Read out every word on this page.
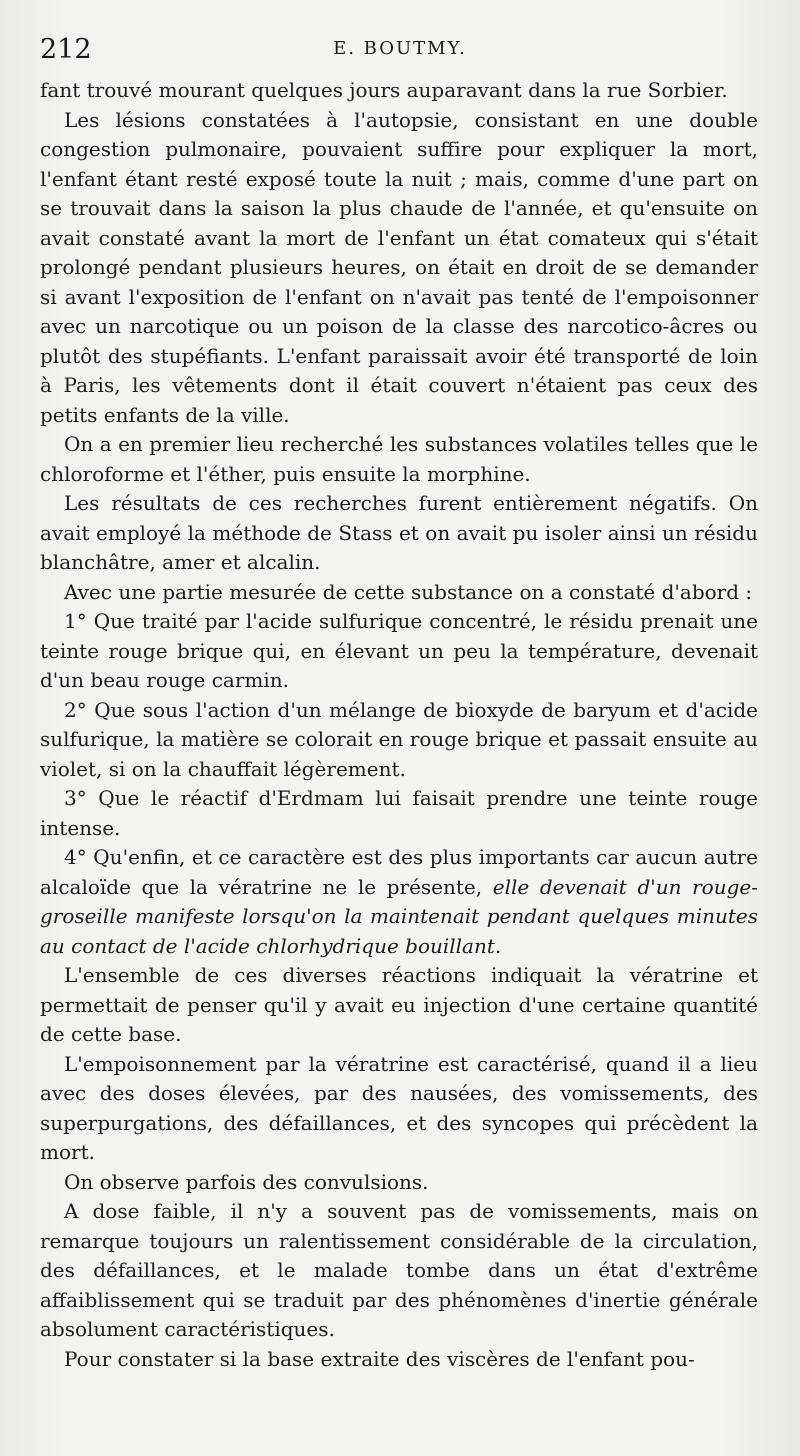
212	E. BOUTMY.

fant trouvé mourant quelques jours auparavant dans la rue Sorbier.

Les lésions constatées à l'autopsie, consistant en une double congestion pulmonaire, pouvaient suffire pour expliquer la mort, l'enfant étant resté exposé toute la nuit ; mais, comme d'une part on se trouvait dans la saison la plus chaude de l'année, et qu'ensuite on avait constaté avant la mort de l'enfant un état comateux qui s'était prolongé pendant plusieurs heures, on était en droit de se demander si avant l'exposition de l'enfant on n'avait pas tenté de l'empoisonner avec un narcotique ou un poison de la classe des narcotico-âcres ou plutôt des stupéfiants. L'enfant paraissait avoir été transporté de loin à Paris, les vêtements dont il était couvert n'étaient pas ceux des petits enfants de la ville.

On a en premier lieu recherché les substances volatiles telles que le chloroforme et l'éther, puis ensuite la morphine.

Les résultats de ces recherches furent entièrement négatifs. On avait employé la méthode de Stass et on avait pu isoler ainsi un résidu blanchâtre, amer et alcalin.

Avec une partie mesurée de cette substance on a constaté d'abord :

1° Que traité par l'acide sulfurique concentré, le résidu prenait une teinte rouge brique qui, en élevant un peu la température, devenait d'un beau rouge carmin.

2° Que sous l'action d'un mélange de bioxyde de baryum et d'acide sulfurique, la matière se colorait en rouge brique et passait ensuite au violet, si on la chauffait légèrement.

3° Que le réactif d'Erdmam lui faisait prendre une teinte rouge intense.

4° Qu'enfin, et ce caractère est des plus importants car aucun autre alcaloïde que la vératrine ne le présente, elle devenait d'un rouge-groseille manifeste lorsqu'on la maintenait pendant quelques minutes au contact de l'acide chlorhydrique bouillant.

L'ensemble de ces diverses réactions indiquait la vératrine et permettait de penser qu'il y avait eu injection d'une certaine quantité de cette base.

L'empoisonnement par la vératrine est caractérisé, quand il a lieu avec des doses élevées, par des nausées, des vomissements, des superpurgations, des défaillances, et des syncopes qui précèdent la mort.

On observe parfois des convulsions.

A dose faible, il n'y a souvent pas de vomissements, mais on remarque toujours un ralentissement considérable de la circulation, des défaillances, et le malade tombe dans un état d'extrême affaiblissement qui se traduit par des phénomènes d'inertie générale absolument caractéristiques.

Pour constater si la base extraite des viscères de l'enfant pou-
